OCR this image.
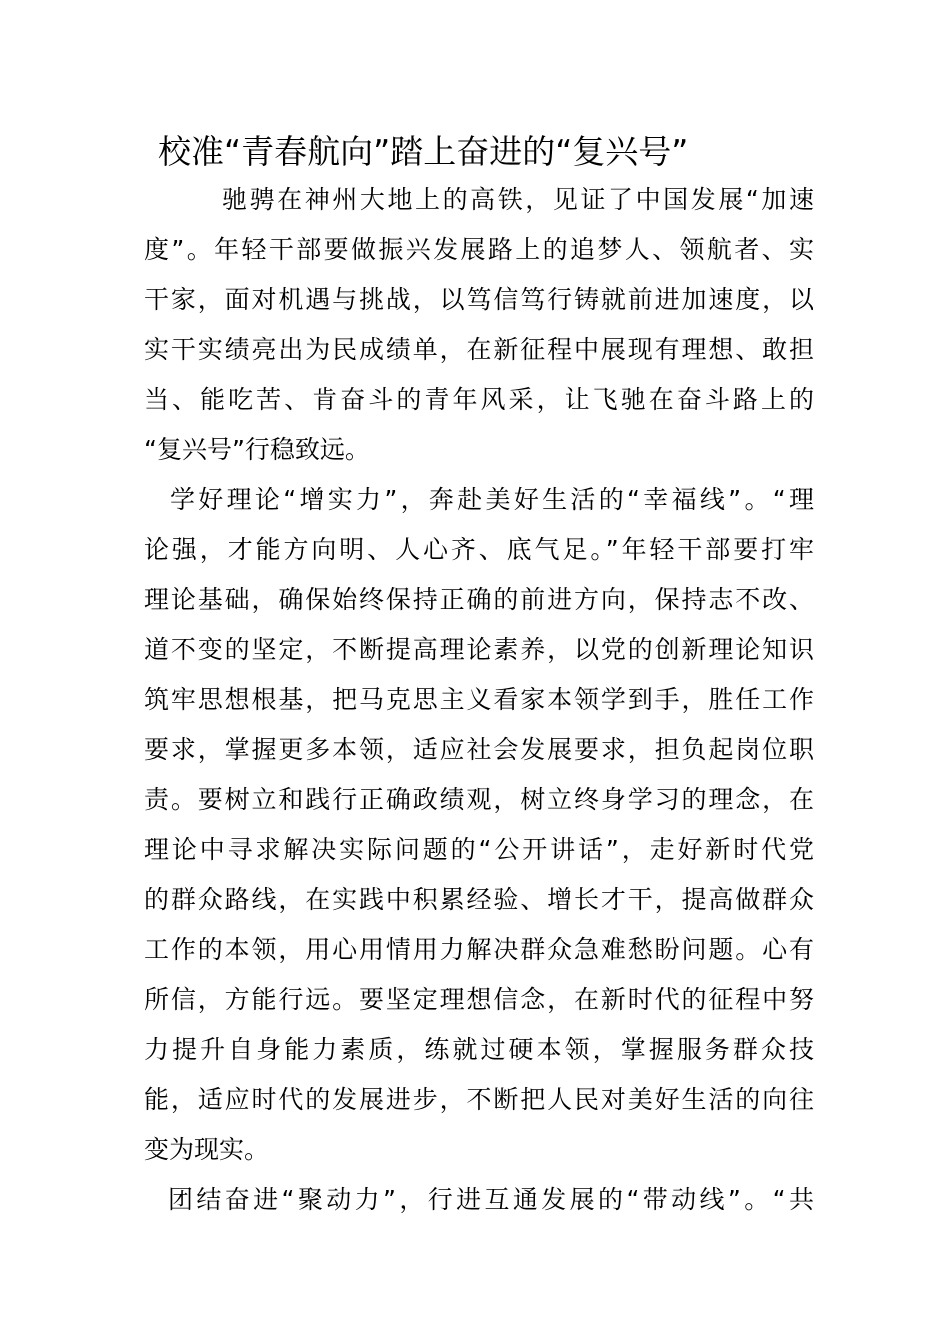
校准“青春航向”踏上奋进的“复兴号”

驰骋在神州大地上的高铁，见证了中国发展“加速

度”。年轻干部要做振兴发展路上的追梦人、领航者、实

干家，面对机遇与挑战，以笃信笃行铸就前进加速度，以

实干实绩亮出为民成绩单，在新征程中展现有理想、敢担

当、能吃苦、肯奋斗的青年风采，让飞驰在奋斗路上的

“复兴号”行稳致远。

学好理论“增实力”，奔赴美好生活的“幸福线”。“理

论强，才能方向明、人心齐、底气足。”年轻干部要打牢

理论基础，确保始终保持正确的前进方向，保持志不改、

道不变的坚定，不断提高理论素养，以党的创新理论知识

筑牢思想根基，把马克思主义看家本领学到手，胜任工作

要求，掌握更多本领，适应社会发展要求，担负起岗位职

责。要树立和践行正确政绩观，树立终身学习的理念，在

理论中寻求解决实际问题的“公开讲话”，走好新时代党

的群众路线，在实践中积累经验、增长才干，提高做群众

工作的本领，用心用情用力解决群众急难愁盼问题。心有

所信，方能行远。要坚定理想信念，在新时代的征程中努

力提升自身能力素质，练就过硬本领，掌握服务群众技

能，适应时代的发展进步，不断把人民对美好生活的向往

变为现实。

团结奋进“聚动力”，行进互通发展的“带动线”。“共
